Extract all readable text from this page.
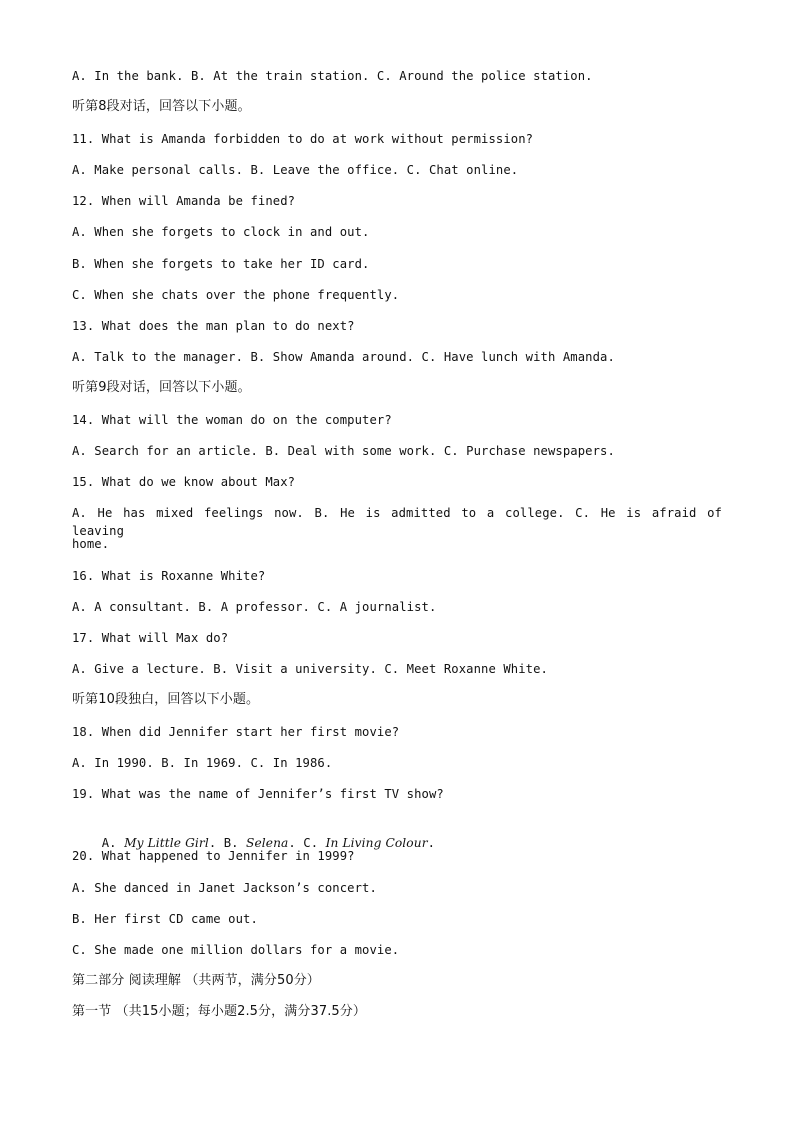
A. In the bank. B. At the train station. C. Around the police station.
听第8段对话，回答以下小题。
11. What is Amanda forbidden to do at work without permission?
A. Make personal calls. B. Leave the office. C. Chat online.
12. When will Amanda be fined?
A. When she forgets to clock in and out.
B. When she forgets to take her ID card.
C. When she chats over the phone frequently.
13. What does the man plan to do next?
A. Talk to the manager. B. Show Amanda around. C. Have lunch with Amanda.
听第9段对话，回答以下小题。
14. What will the woman do on the computer?
A. Search for an article. B. Deal with some work. C. Purchase newspapers.
15. What do we know about Max?
A. He has mixed feelings now. B. He is admitted to a college. C. He is afraid of leaving
home.
16. What is Roxanne White?
A. A consultant. B. A professor. C. A journalist.
17. What will Max do?
A. Give a lecture. B. Visit a university. C. Meet Roxanne White.
听第10段独白，回答以下小题。
18. When did Jennifer start her first movie?
A. In 1990. B. In 1969. C. In 1986.
19. What was the name of Jennifer’s first TV show?

A. My Little Girl. B. Selena. C. In Living Colour.

20. What happened to Jennifer in 1999?
A. She danced in Janet Jackson’s concert.
B. Her first CD came out.
C. She made one million dollars for a movie.
第二部分 阅读理解 （共两节，满分50分）
第一节 （共15小题；每小题2.5分，满分37.5分）
